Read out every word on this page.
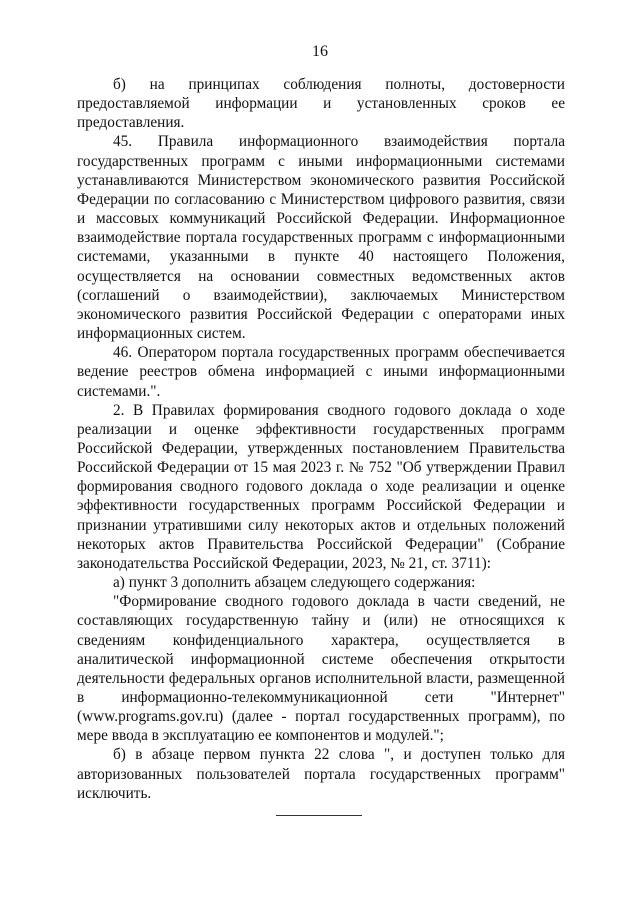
16

б) на принципах соблюдения полноты, достоверности предоставляемой информации и установленных сроков ее предоставления.

45. Правила информационного взаимодействия портала государственных программ с иными информационными системами устанавливаются Министерством экономического развития Российской Федерации по согласованию с Министерством цифрового развития, связи и массовых коммуникаций Российской Федерации. Информационное взаимодействие портала государственных программ с информационными системами, указанными в пункте 40 настоящего Положения, осуществляется на основании совместных ведомственных актов (соглашений о взаимодействии), заключаемых Министерством экономического развития Российской Федерации с операторами иных информационных систем.

46. Оператором портала государственных программ обеспечивается ведение реестров обмена информацией с иными информационными системами.".

2. В Правилах формирования сводного годового доклада о ходе реализации и оценке эффективности государственных программ Российской Федерации, утвержденных постановлением Правительства Российской Федерации от 15 мая 2023 г. № 752 "Об утверждении Правил формирования сводного годового доклада о ходе реализации и оценке эффективности государственных программ Российской Федерации и признании утратившими силу некоторых актов и отдельных положений некоторых актов Правительства Российской Федерации" (Собрание законодательства Российской Федерации, 2023, № 21, ст. 3711):

а) пункт 3 дополнить абзацем следующего содержания:

"Формирование сводного годового доклада в части сведений, не составляющих государственную тайну и (или) не относящихся к сведениям конфиденциального характера, осуществляется в аналитической информационной системе обеспечения открытости деятельности федеральных органов исполнительной власти, размещенной в информационно-телекоммуникационной сети "Интернет" (www.programs.gov.ru) (далее - портал государственных программ), по мере ввода в эксплуатацию ее компонентов и модулей.";

б) в абзаце первом пункта 22 слова ", и доступен только для авторизованных пользователей портала государственных программ" исключить.
